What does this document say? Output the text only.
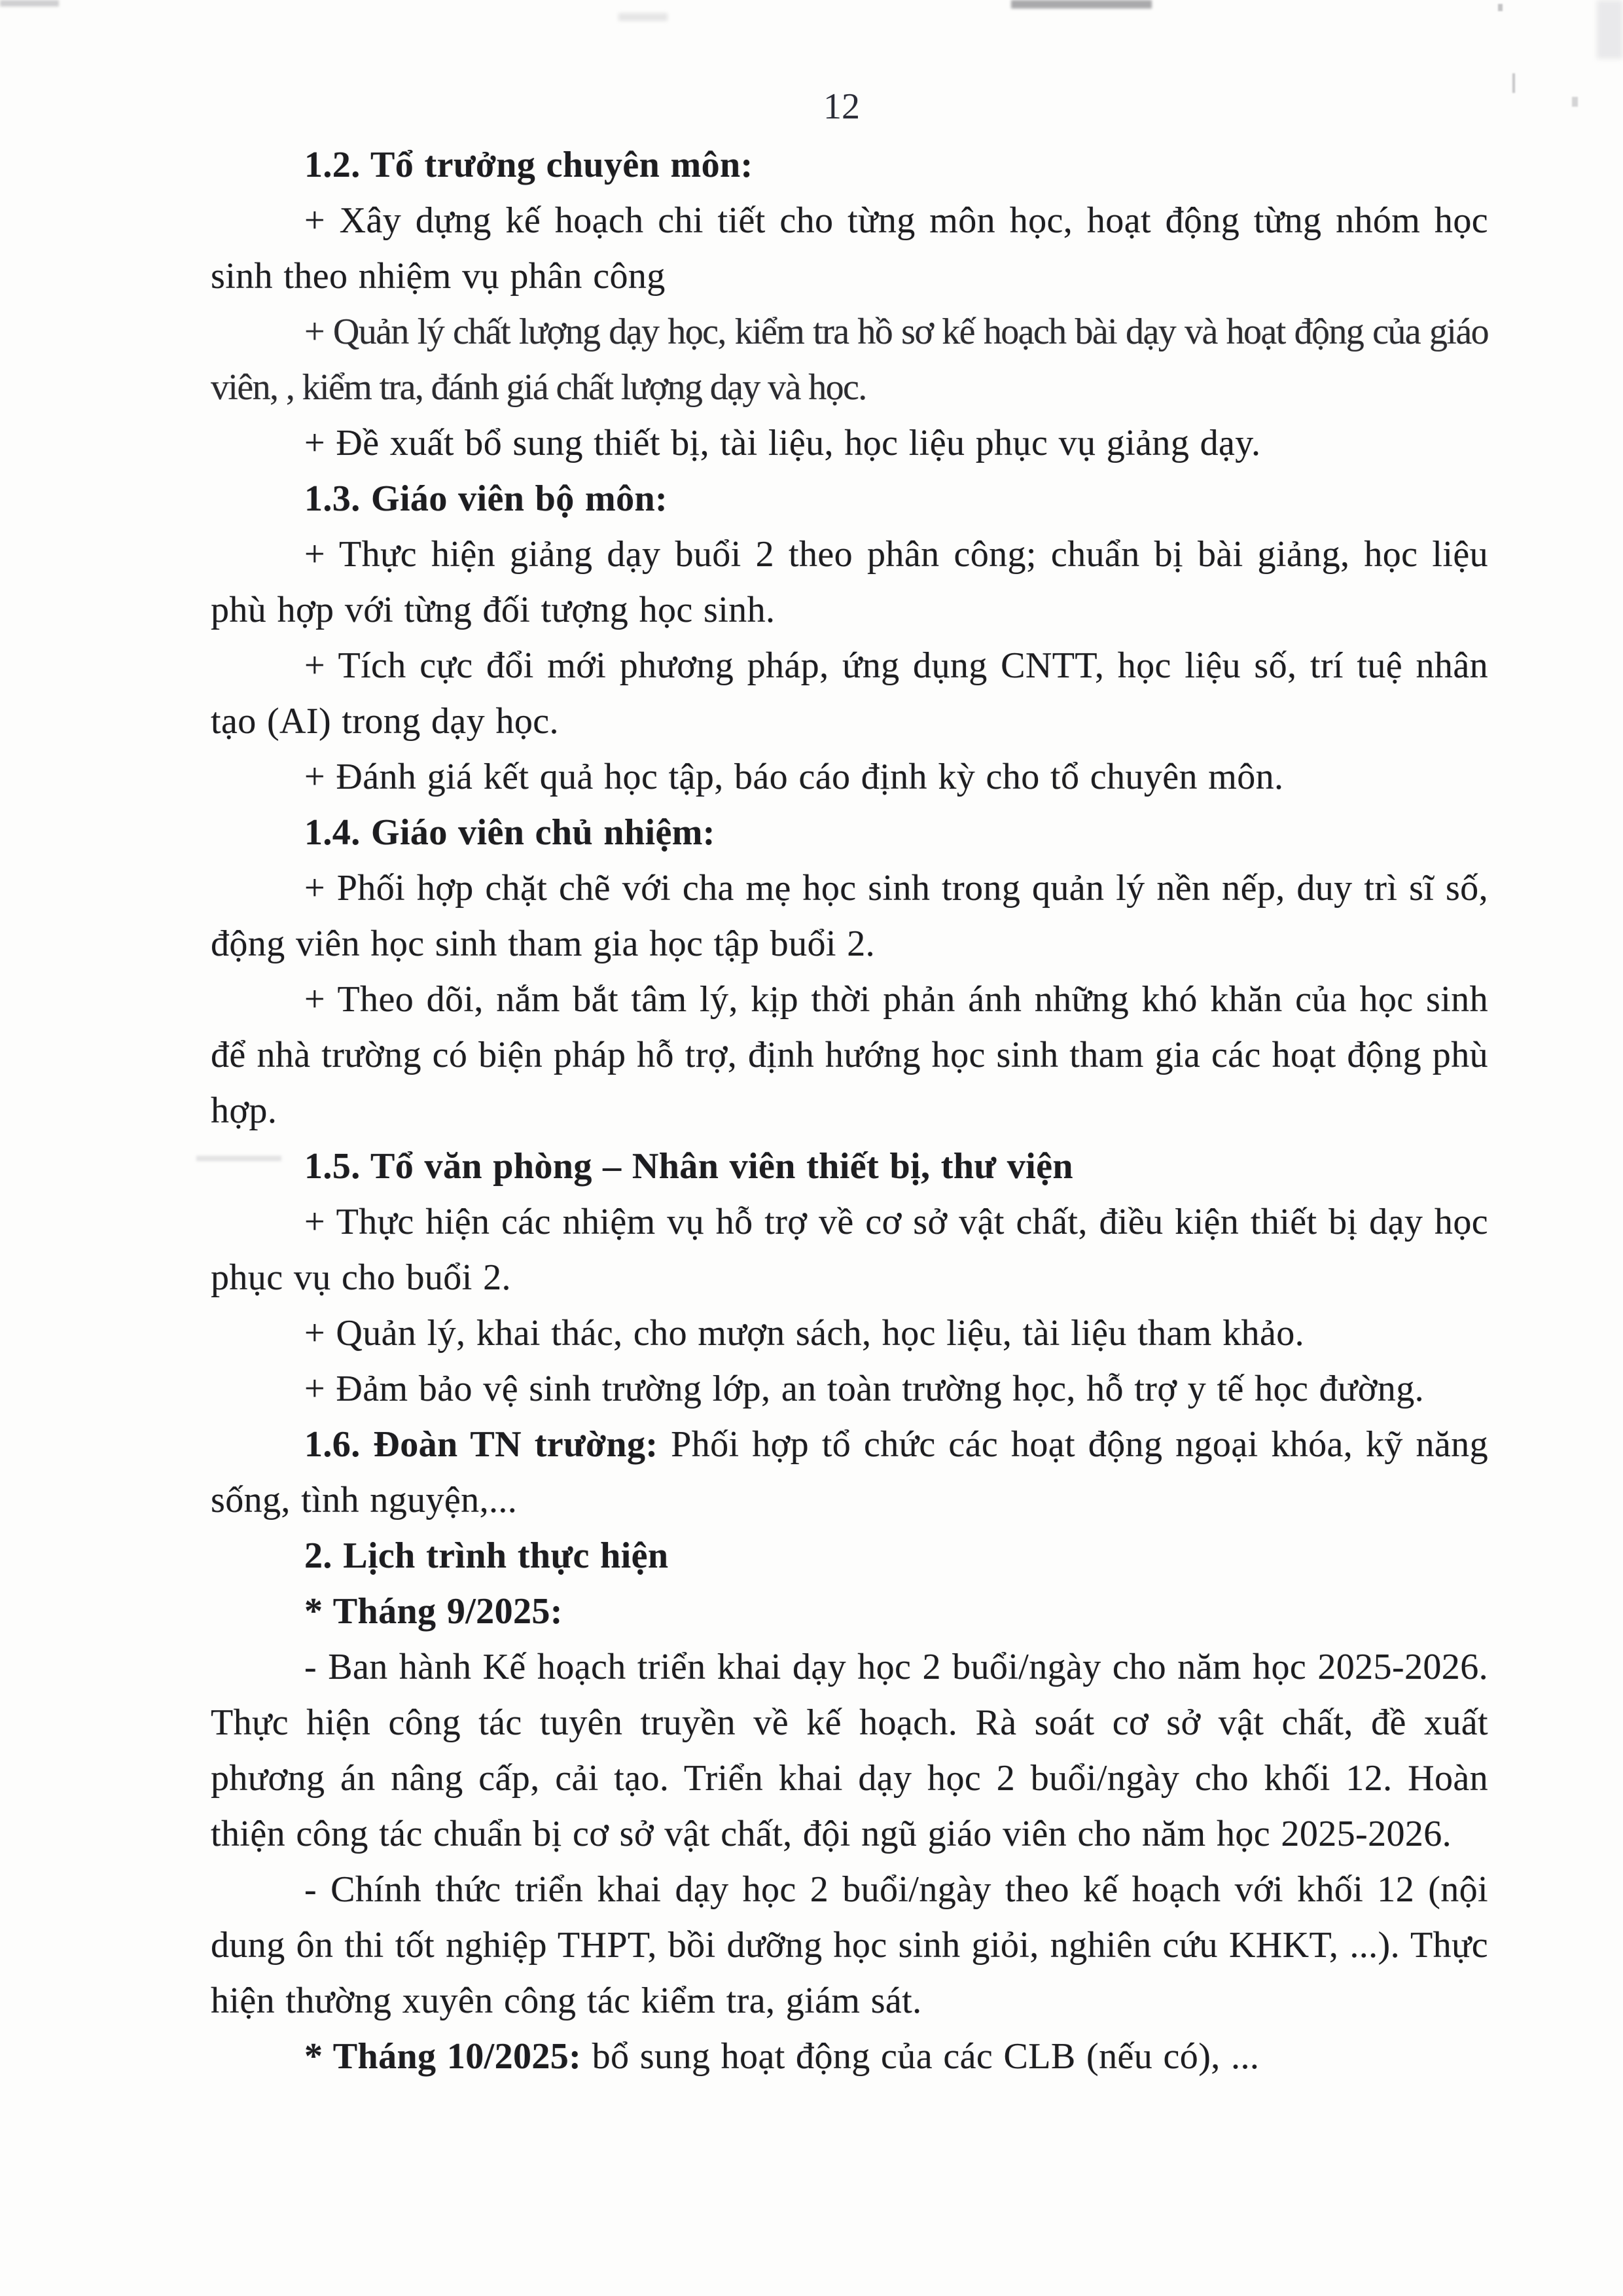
12

1.2. Tổ trưởng chuyên môn:

+ Xây dựng kế hoạch chi tiết cho từng môn học, hoạt động từng nhóm học sinh theo nhiệm vụ phân công

+ Quản lý chất lượng dạy học, kiểm tra hồ sơ kế hoạch bài dạy và hoạt động của giáo viên, , kiểm tra, đánh giá chất lượng dạy và học.

+ Đề xuất bổ sung thiết bị, tài liệu, học liệu phục vụ giảng dạy.

1.3. Giáo viên bộ môn:

+ Thực hiện giảng dạy buổi 2 theo phân công; chuẩn bị bài giảng, học liệu phù hợp với từng đối tượng học sinh.

+ Tích cực đổi mới phương pháp, ứng dụng CNTT, học liệu số, trí tuệ nhân tạo (AI) trong dạy học.

+ Đánh giá kết quả học tập, báo cáo định kỳ cho tổ chuyên môn.

1.4. Giáo viên chủ nhiệm:

+ Phối hợp chặt chẽ với cha mẹ học sinh trong quản lý nền nếp, duy trì sĩ số, động viên học sinh tham gia học tập buổi 2.

+ Theo dõi, nắm bắt tâm lý, kịp thời phản ánh những khó khăn của học sinh để nhà trường có biện pháp hỗ trợ, định hướng học sinh tham gia các hoạt động phù hợp.

1.5. Tổ văn phòng – Nhân viên thiết bị, thư viện

+ Thực hiện các nhiệm vụ hỗ trợ về cơ sở vật chất, điều kiện thiết bị dạy học phục vụ cho buổi 2.

+ Quản lý, khai thác, cho mượn sách, học liệu, tài liệu tham khảo.

+ Đảm bảo vệ sinh trường lớp, an toàn trường học, hỗ trợ y tế học đường.

1.6. Đoàn TN trường: Phối hợp tổ chức các hoạt động ngoại khóa, kỹ năng sống, tình nguyện,...

2. Lịch trình thực hiện

* Tháng 9/2025:

- Ban hành Kế hoạch triển khai dạy học 2 buổi/ngày cho năm học 2025-2026. Thực hiện công tác tuyên truyền về kế hoạch. Rà soát cơ sở vật chất, đề xuất phương án nâng cấp, cải tạo. Triển khai dạy học 2 buổi/ngày cho khối 12. Hoàn thiện công tác chuẩn bị cơ sở vật chất, đội ngũ giáo viên cho năm học 2025-2026.

- Chính thức triển khai dạy học 2 buổi/ngày theo kế hoạch với khối 12 (nội dung ôn thi tốt nghiệp THPT, bồi dưỡng học sinh giỏi, nghiên cứu KHKT, ...). Thực hiện thường xuyên công tác kiểm tra, giám sát.

* Tháng 10/2025: bổ sung hoạt động của các CLB (nếu có), ...
